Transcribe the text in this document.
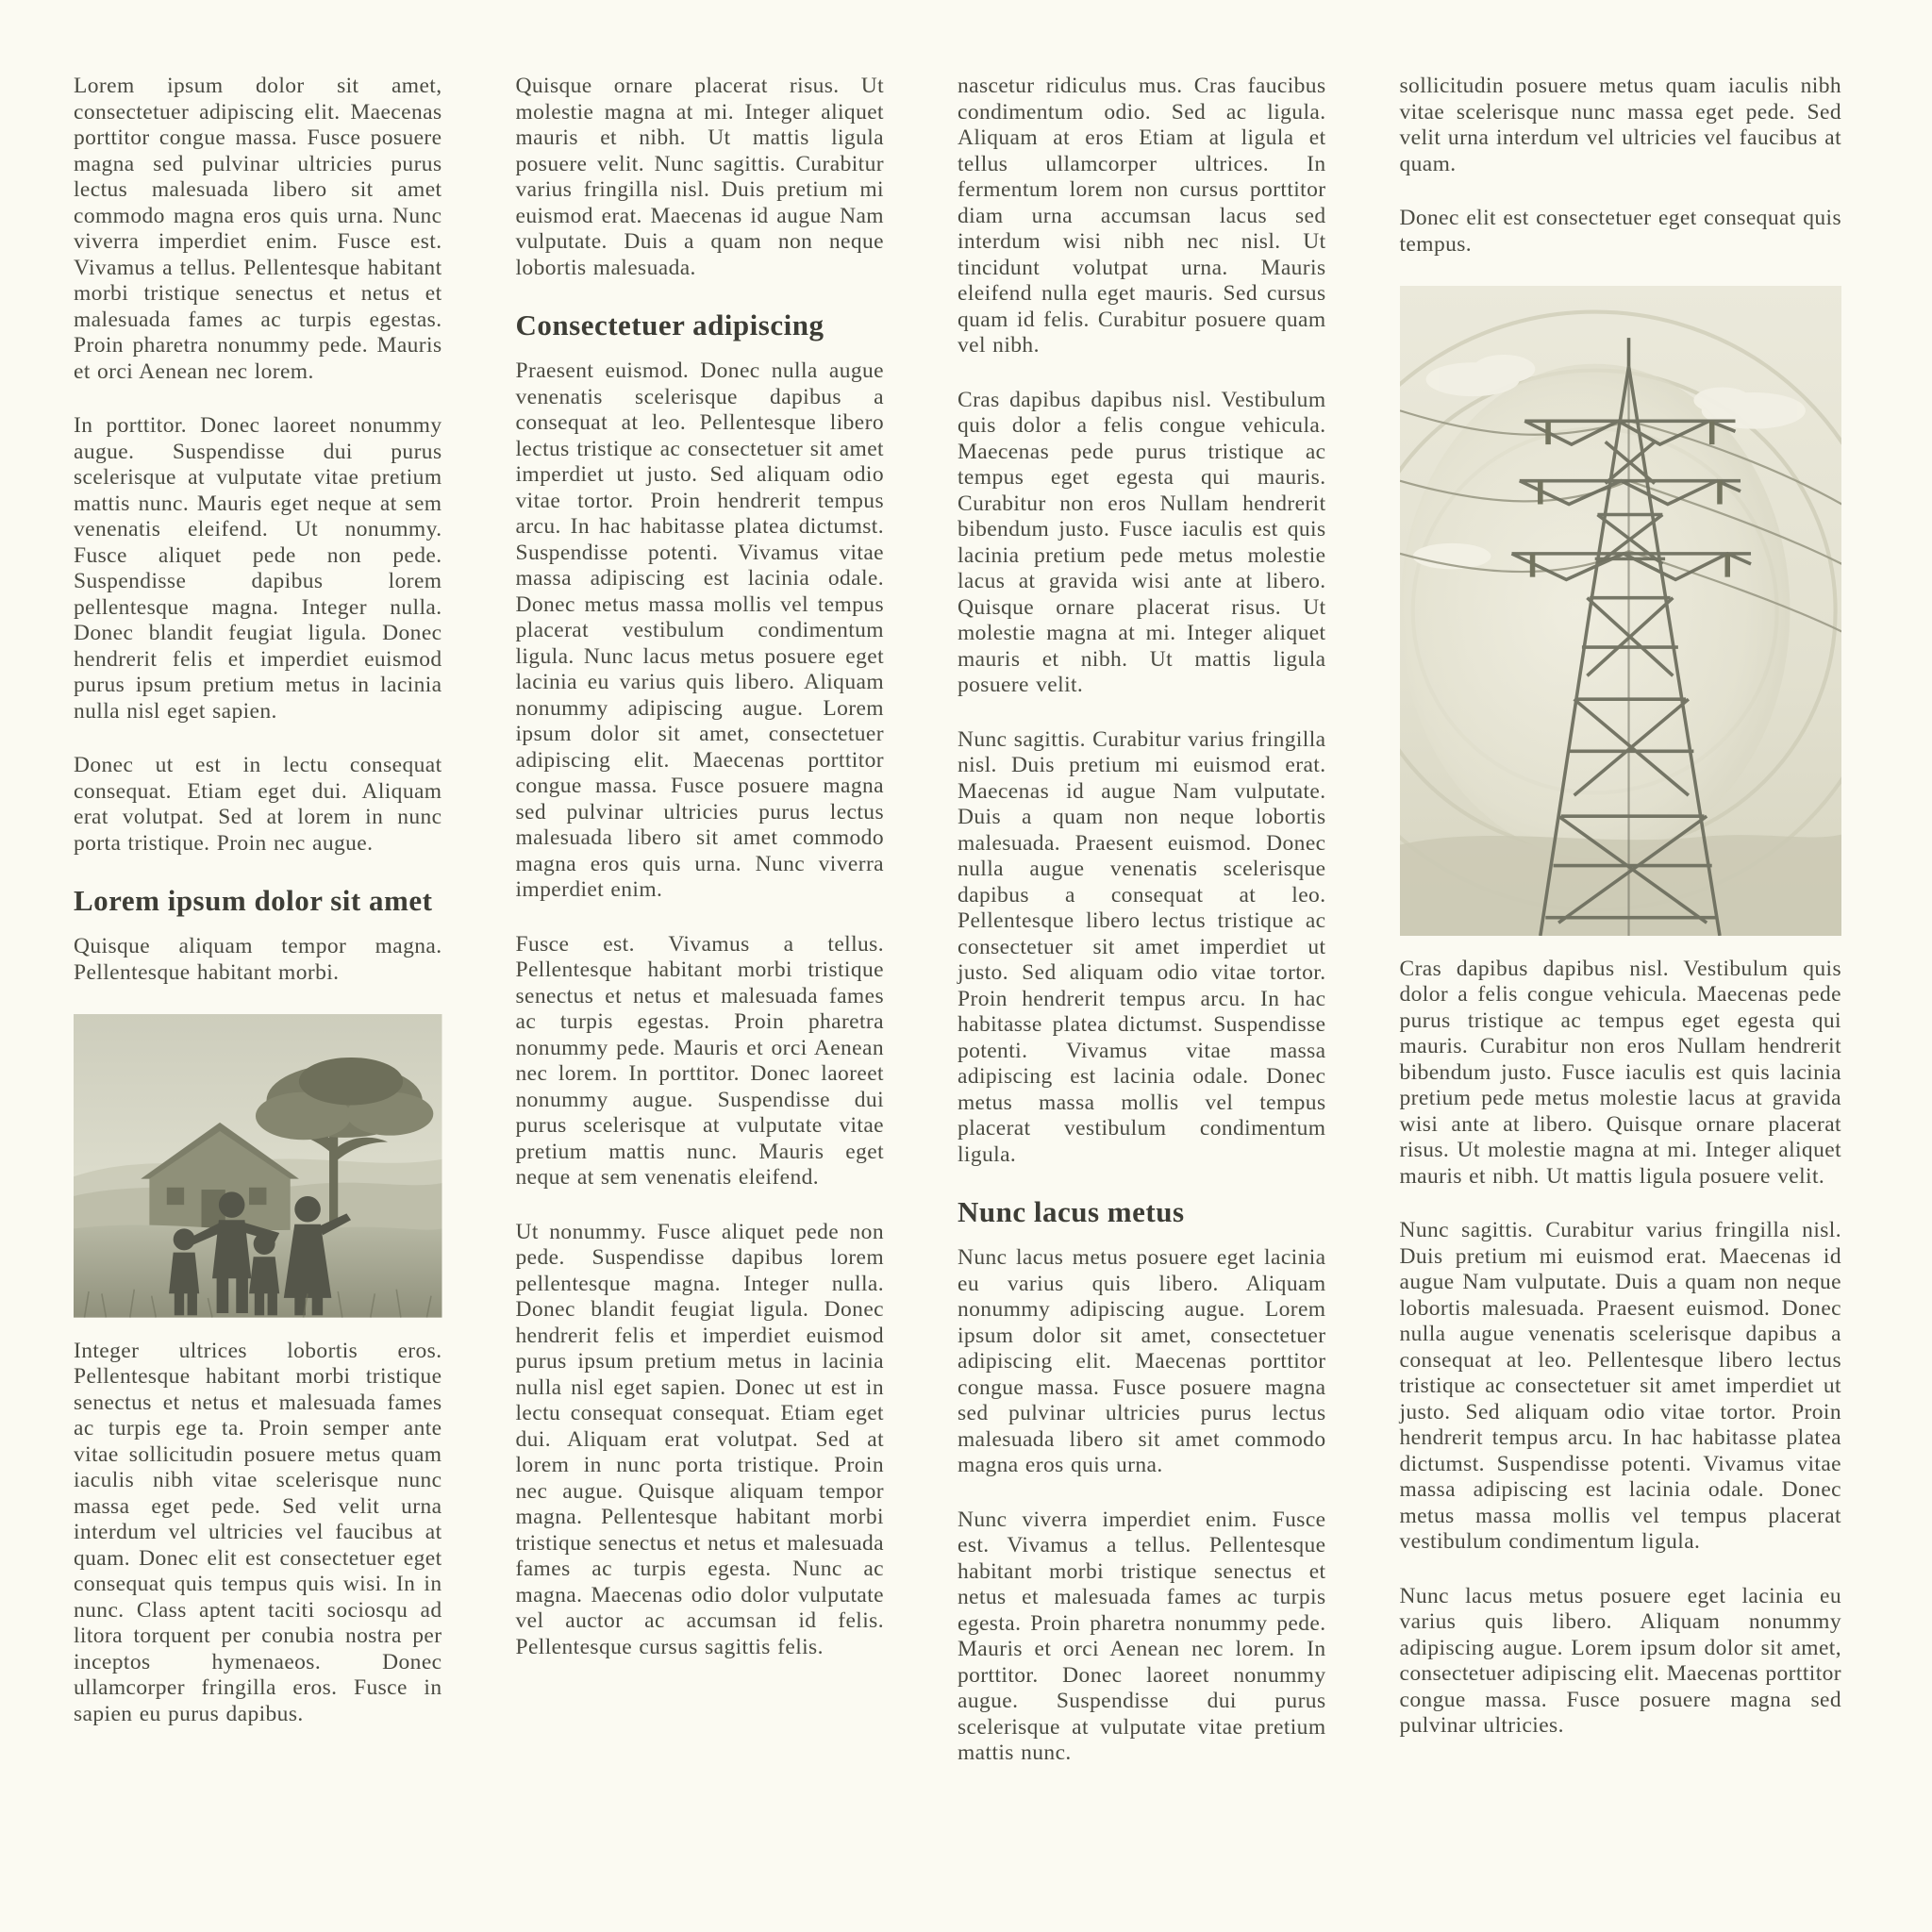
Lorem ipsum dolor sit amet, consectetuer adipiscing elit. Maecenas porttitor congue massa. Fusce posuere magna sed pulvinar ultricies purus lectus malesuada libero sit amet commodo magna eros quis urna. Nunc viverra imperdiet enim. Fusce est. Vivamus a tellus. Pellentesque habitant morbi tristique senectus et netus et malesuada fames ac turpis egestas. Proin pharetra nonummy pede. Mauris et orci Aenean nec lorem.

In porttitor. Donec laoreet nonummy augue. Suspendisse dui purus scelerisque at vulputate vitae pretium mattis nunc. Mauris eget neque at sem venenatis eleifend. Ut nonummy. Fusce aliquet pede non pede. Suspendisse dapibus lorem pellentesque magna. Integer nulla. Donec blandit feugiat ligula. Donec hendrerit felis et imperdiet euismod purus ipsum pretium metus in lacinia nulla nisl eget sapien.

Donec ut est in lectu consequat consequat. Etiam eget dui. Aliquam erat volutpat. Sed at lorem in nunc porta tristique. Proin nec augue.

Lorem ipsum dolor sit amet

Quisque aliquam tempor magna. Pellentesque habitant morbi.

Integer ultrices lobortis eros. Pellentesque habitant morbi tristique senectus et netus et malesuada fames ac turpis ege ta. Proin semper ante vitae sollicitudin posuere metus quam iaculis nibh vitae scelerisque nunc massa eget pede. Sed velit urna interdum vel ultricies vel faucibus at quam. Donec elit est consectetuer eget consequat quis tempus quis wisi. In in nunc. Class aptent taciti sociosqu ad litora torquent per conubia nostra per inceptos hymenaeos. Donec ullamcorper fringilla eros. Fusce in sapien eu purus dapibus.

Quisque ornare placerat risus. Ut molestie magna at mi. Integer aliquet mauris et nibh. Ut mattis ligula posuere velit. Nunc sagittis. Curabitur varius fringilla nisl. Duis pretium mi euismod erat. Maecenas id augue Nam vulputate. Duis a quam non neque lobortis malesuada.

Consectetuer adipiscing

Praesent euismod. Donec nulla augue venenatis scelerisque dapibus a consequat at leo. Pellentesque libero lectus tristique ac consectetuer sit amet imperdiet ut justo. Sed aliquam odio vitae tortor. Proin hendrerit tempus arcu. In hac habitasse platea dictumst. Suspendisse potenti. Vivamus vitae massa adipiscing est lacinia odale. Donec metus massa mollis vel tempus placerat vestibulum condimentum ligula. Nunc lacus metus posuere eget lacinia eu varius quis libero. Aliquam nonummy adipiscing augue. Lorem ipsum dolor sit amet, consectetuer adipiscing elit. Maecenas porttitor congue massa. Fusce posuere magna sed pulvinar ultricies purus lectus malesuada libero sit amet commodo magna eros quis urna. Nunc viverra imperdiet enim.

Fusce est. Vivamus a tellus. Pellentesque habitant morbi tristique senectus et netus et malesuada fames ac turpis egestas. Proin pharetra nonummy pede. Mauris et orci Aenean nec lorem. In porttitor. Donec laoreet nonummy augue. Suspendisse dui purus scelerisque at vulputate vitae pretium mattis nunc. Mauris eget neque at sem venenatis eleifend.

Ut nonummy. Fusce aliquet pede non pede. Suspendisse dapibus lorem pellentesque magna. Integer nulla. Donec blandit feugiat ligula. Donec hendrerit felis et imperdiet euismod purus ipsum pretium metus in lacinia nulla nisl eget sapien. Donec ut est in lectu consequat consequat. Etiam eget dui. Aliquam erat volutpat. Sed at lorem in nunc porta tristique. Proin nec augue. Quisque aliquam tempor magna. Pellentesque habitant morbi tristique senectus et netus et malesuada fames ac turpis egesta. Nunc ac magna. Maecenas odio dolor vulputate vel auctor ac accumsan id felis. Pellentesque cursus sagittis felis.

nascetur ridiculus mus. Cras faucibus condimentum odio. Sed ac ligula. Aliquam at eros Etiam at ligula et tellus ullamcorper ultrices. In fermentum lorem non cursus porttitor diam urna accumsan lacus sed interdum wisi nibh nec nisl. Ut tincidunt volutpat urna. Mauris eleifend nulla eget mauris. Sed cursus quam id felis. Curabitur posuere quam vel nibh.

Cras dapibus dapibus nisl. Vestibulum quis dolor a felis congue vehicula. Maecenas pede purus tristique ac tempus eget egesta qui mauris. Curabitur non eros Nullam hendrerit bibendum justo. Fusce iaculis est quis lacinia pretium pede metus molestie lacus at gravida wisi ante at libero. Quisque ornare placerat risus. Ut molestie magna at mi. Integer aliquet mauris et nibh. Ut mattis ligula posuere velit.

Nunc sagittis. Curabitur varius fringilla nisl. Duis pretium mi euismod erat. Maecenas id augue Nam vulputate. Duis a quam non neque lobortis malesuada. Praesent euismod. Donec nulla augue venenatis scelerisque dapibus a consequat at leo. Pellentesque libero lectus tristique ac consectetuer sit amet imperdiet ut justo. Sed aliquam odio vitae tortor. Proin hendrerit tempus arcu. In hac habitasse platea dictumst. Suspendisse potenti. Vivamus vitae massa adipiscing est lacinia odale. Donec metus massa mollis vel tempus placerat vestibulum condimentum ligula.

Nunc lacus metus

Nunc lacus metus posuere eget lacinia eu varius quis libero. Aliquam nonummy adipiscing augue. Lorem ipsum dolor sit amet, consectetuer adipiscing elit. Maecenas porttitor congue massa. Fusce posuere magna sed pulvinar ultricies purus lectus malesuada libero sit amet commodo magna eros quis urna.

Nunc viverra imperdiet enim. Fusce est. Vivamus a tellus. Pellentesque habitant morbi tristique senectus et netus et malesuada fames ac turpis egesta. Proin pharetra nonummy pede. Mauris et orci Aenean nec lorem. In porttitor. Donec laoreet nonummy augue. Suspendisse dui purus scelerisque at vulputate vitae pretium mattis nunc.

sollicitudin posuere metus quam iaculis nibh vitae scelerisque nunc massa eget pede. Sed velit urna interdum vel ultricies vel faucibus at quam.

Donec elit est consectetuer eget consequat quis tempus.

Cras dapibus dapibus nisl. Vestibulum quis dolor a felis congue vehicula. Maecenas pede purus tristique ac tempus eget egesta qui mauris. Curabitur non eros Nullam hendrerit bibendum justo. Fusce iaculis est quis lacinia pretium pede metus molestie lacus at gravida wisi ante at libero. Quisque ornare placerat risus. Ut molestie magna at mi. Integer aliquet mauris et nibh. Ut mattis ligula posuere velit.

Nunc sagittis. Curabitur varius fringilla nisl. Duis pretium mi euismod erat. Maecenas id augue Nam vulputate. Duis a quam non neque lobortis malesuada. Praesent euismod. Donec nulla augue venenatis scelerisque dapibus a consequat at leo. Pellentesque libero lectus tristique ac consectetuer sit amet imperdiet ut justo. Sed aliquam odio vitae tortor. Proin hendrerit tempus arcu. In hac habitasse platea dictumst. Suspendisse potenti. Vivamus vitae massa adipiscing est lacinia odale. Donec metus massa mollis vel tempus placerat vestibulum condimentum ligula.

Nunc lacus metus posuere eget lacinia eu varius quis libero. Aliquam nonummy adipiscing augue. Lorem ipsum dolor sit amet, consectetuer adipiscing elit. Maecenas porttitor congue massa. Fusce posuere magna sed pulvinar ultricies.
